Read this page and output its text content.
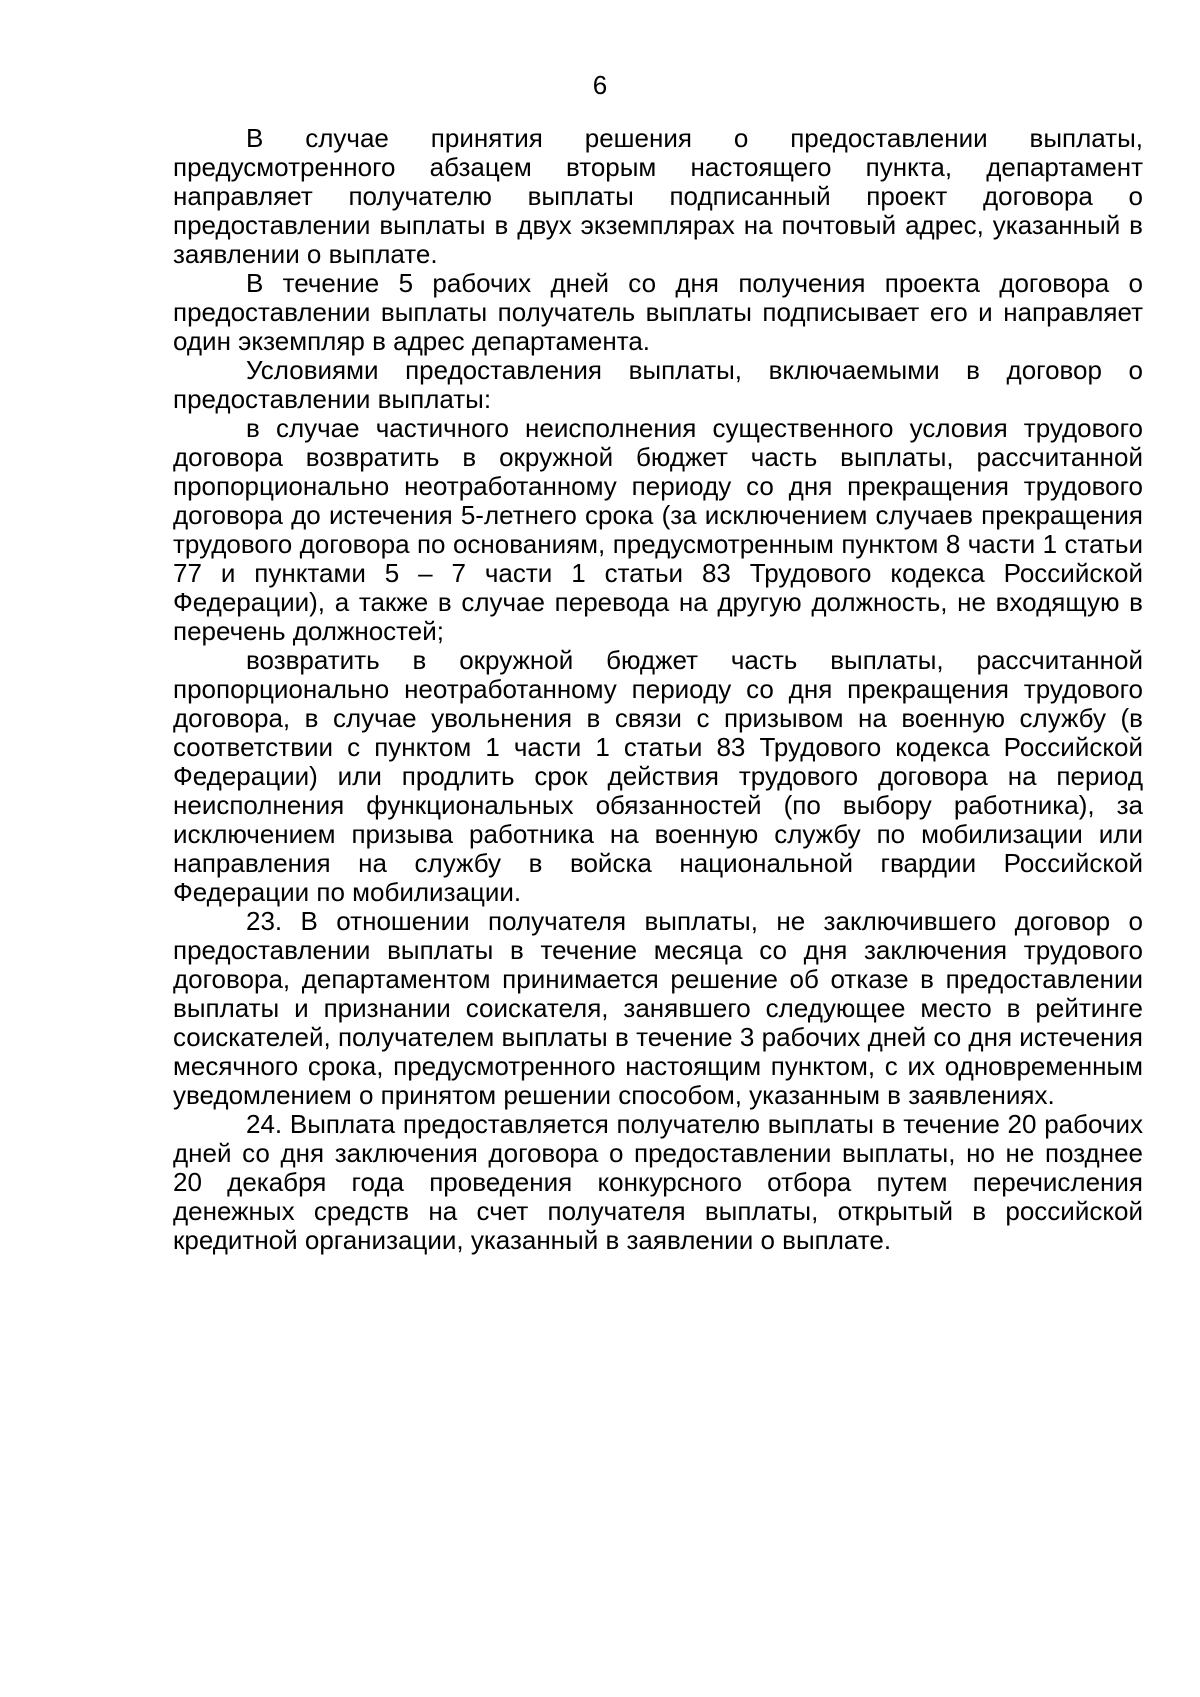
6

В случае принятия решения о предоставлении выплаты, предусмотренного абзацем вторым настоящего пункта, департамент направляет получателю выплаты подписанный проект договора о предоставлении выплаты в двух экземплярах на почтовый адрес, указанный в заявлении о выплате.

В течение 5 рабочих дней со дня получения проекта договора о предоставлении выплаты получатель выплаты подписывает его и направляет один экземпляр в адрес департамента.

Условиями предоставления выплаты, включаемыми в договор о предоставлении выплаты:

в случае частичного неисполнения существенного условия трудового договора возвратить в окружной бюджет часть выплаты, рассчитанной пропорционально неотработанному периоду со дня прекращения трудового договора до истечения 5-летнего срока (за исключением случаев прекращения трудового договора по основаниям, предусмотренным пунктом 8 части 1 статьи 77 и пунктами 5 – 7 части 1 статьи 83 Трудового кодекса Российской Федерации), а также в случае перевода на другую должность, не входящую в перечень должностей;

возвратить в окружной бюджет часть выплаты, рассчитанной пропорционально неотработанному периоду со дня прекращения трудового договора, в случае увольнения в связи с призывом на военную службу (в соответствии с пунктом 1 части 1 статьи 83 Трудового кодекса Российской Федерации) или продлить срок действия трудового договора на период неисполнения функциональных обязанностей (по выбору работника), за исключением призыва работника на военную службу по мобилизации или направления на службу в войска национальной гвардии Российской Федерации по мобилизации.

23. В отношении получателя выплаты, не заключившего договор о предоставлении выплаты в течение месяца со дня заключения трудового договора, департаментом принимается решение об отказе в предоставлении выплаты и признании соискателя, занявшего следующее место в рейтинге соискателей, получателем выплаты в течение 3 рабочих дней со дня истечения месячного срока, предусмотренного настоящим пунктом, с их одновременным уведомлением о принятом решении способом, указанным в заявлениях.

24. Выплата предоставляется получателю выплаты в течение 20 рабочих дней со дня заключения договора о предоставлении выплаты, но не позднее 20 декабря года проведения конкурсного отбора путем перечисления денежных средств на счет получателя выплаты, открытый в российской кредитной организации, указанный в заявлении о выплате.
